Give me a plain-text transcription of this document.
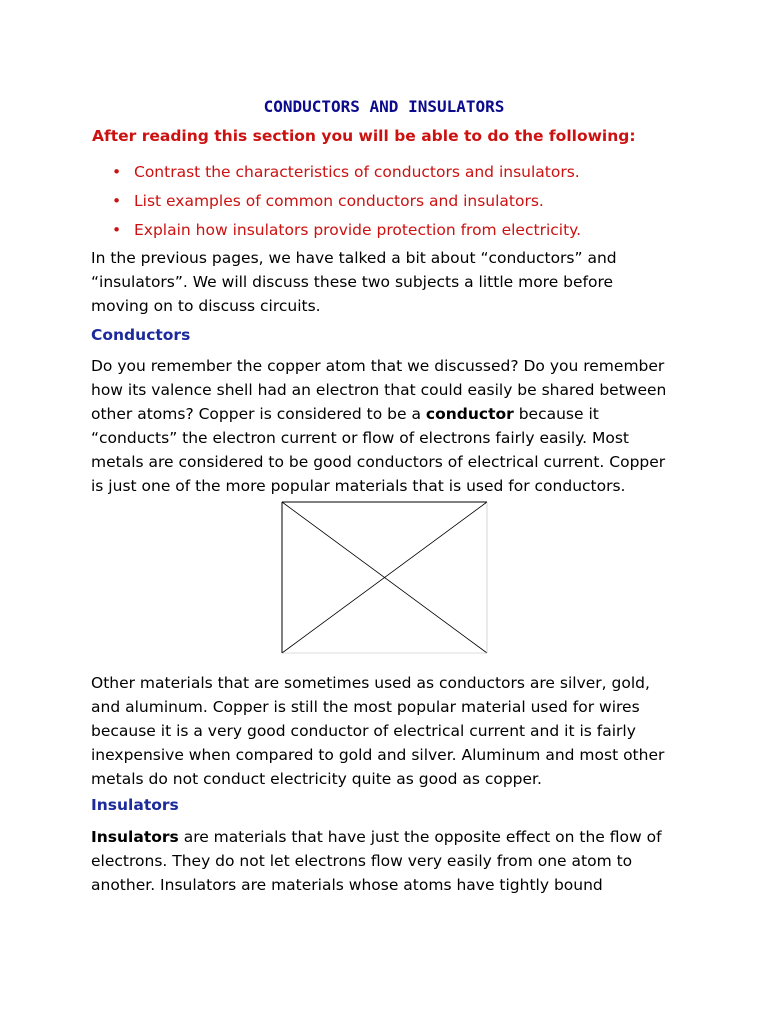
CONDUCTORS AND INSULATORS

After reading this section you will be able to do the following:

• Contrast the characteristics of conductors and insulators.
• List examples of common conductors and insulators.
• Explain how insulators provide protection from electricity.

In the previous pages, we have talked a bit about “conductors” and
“insulators”. We will discuss these two subjects a little more before
moving on to discuss circuits.

Conductors

Do you remember the copper atom that we discussed? Do you remember
how its valence shell had an electron that could easily be shared between
other atoms? Copper is considered to be a conductor because it
“conducts” the electron current or flow of electrons fairly easily. Most
metals are considered to be good conductors of electrical current. Copper
is just one of the more popular materials that is used for conductors.

Other materials that are sometimes used as conductors are silver, gold,
and aluminum. Copper is still the most popular material used for wires
because it is a very good conductor of electrical current and it is fairly
inexpensive when compared to gold and silver. Aluminum and most other
metals do not conduct electricity quite as good as copper.

Insulators

Insulators are materials that have just the opposite effect on the flow of
electrons. They do not let electrons flow very easily from one atom to
another. Insulators are materials whose atoms have tightly bound
